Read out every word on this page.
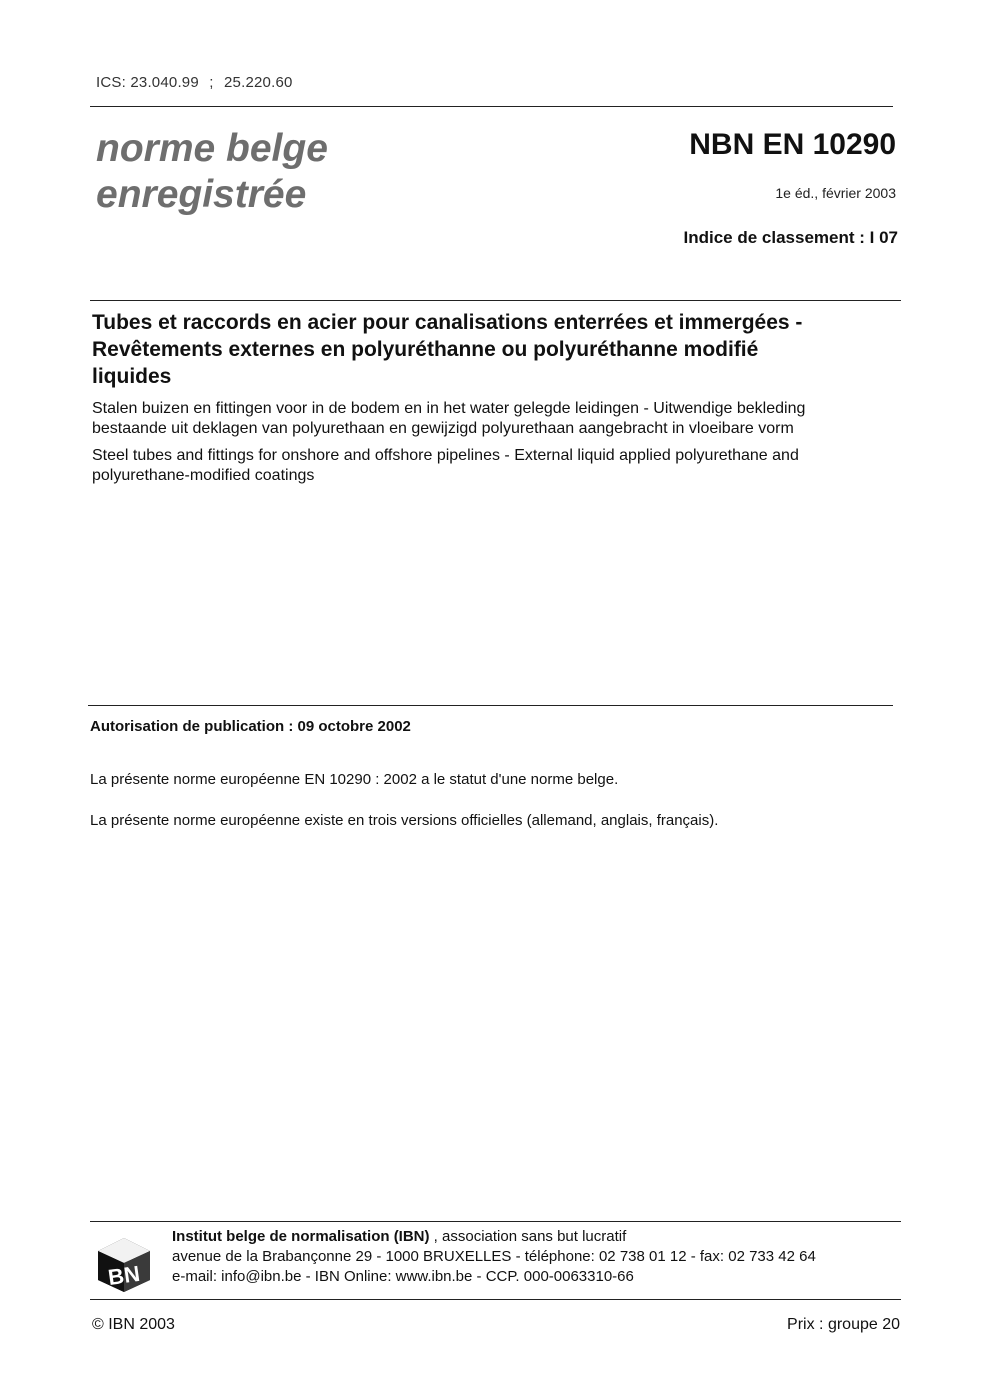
ICS: 23.040.99 ; 25.220.60
norme belge
enregistrée
NBN EN 10290
1e éd., février 2003
Indice de classement : I 07
Tubes et raccords en acier pour canalisations enterrées et immergées -
Revêtements externes en polyuréthanne ou polyuréthanne modifié
liquides
Stalen buizen en fittingen voor in de bodem en in het water gelegde leidingen - Uitwendige bekleding
bestaande uit deklagen van polyurethaan en gewijzigd polyurethaan aangebracht in vloeibare vorm
Steel tubes and fittings for onshore and offshore pipelines - External liquid applied polyurethane and
polyurethane-modified coatings
Autorisation de publication : 09 octobre 2002
La présente norme européenne EN 10290 : 2002 a le statut d'une norme belge.
La présente norme européenne existe en trois versions officielles (allemand, anglais, français).
BN
Institut belge de normalisation (IBN) , association sans but lucratif
avenue de la Brabançonne 29 - 1000 BRUXELLES - téléphone: 02 738 01 12 - fax: 02 733 42 64
e-mail: info@ibn.be - IBN Online: www.ibn.be - CCP. 000-0063310-66
© IBN 2003	Prix : groupe 20
